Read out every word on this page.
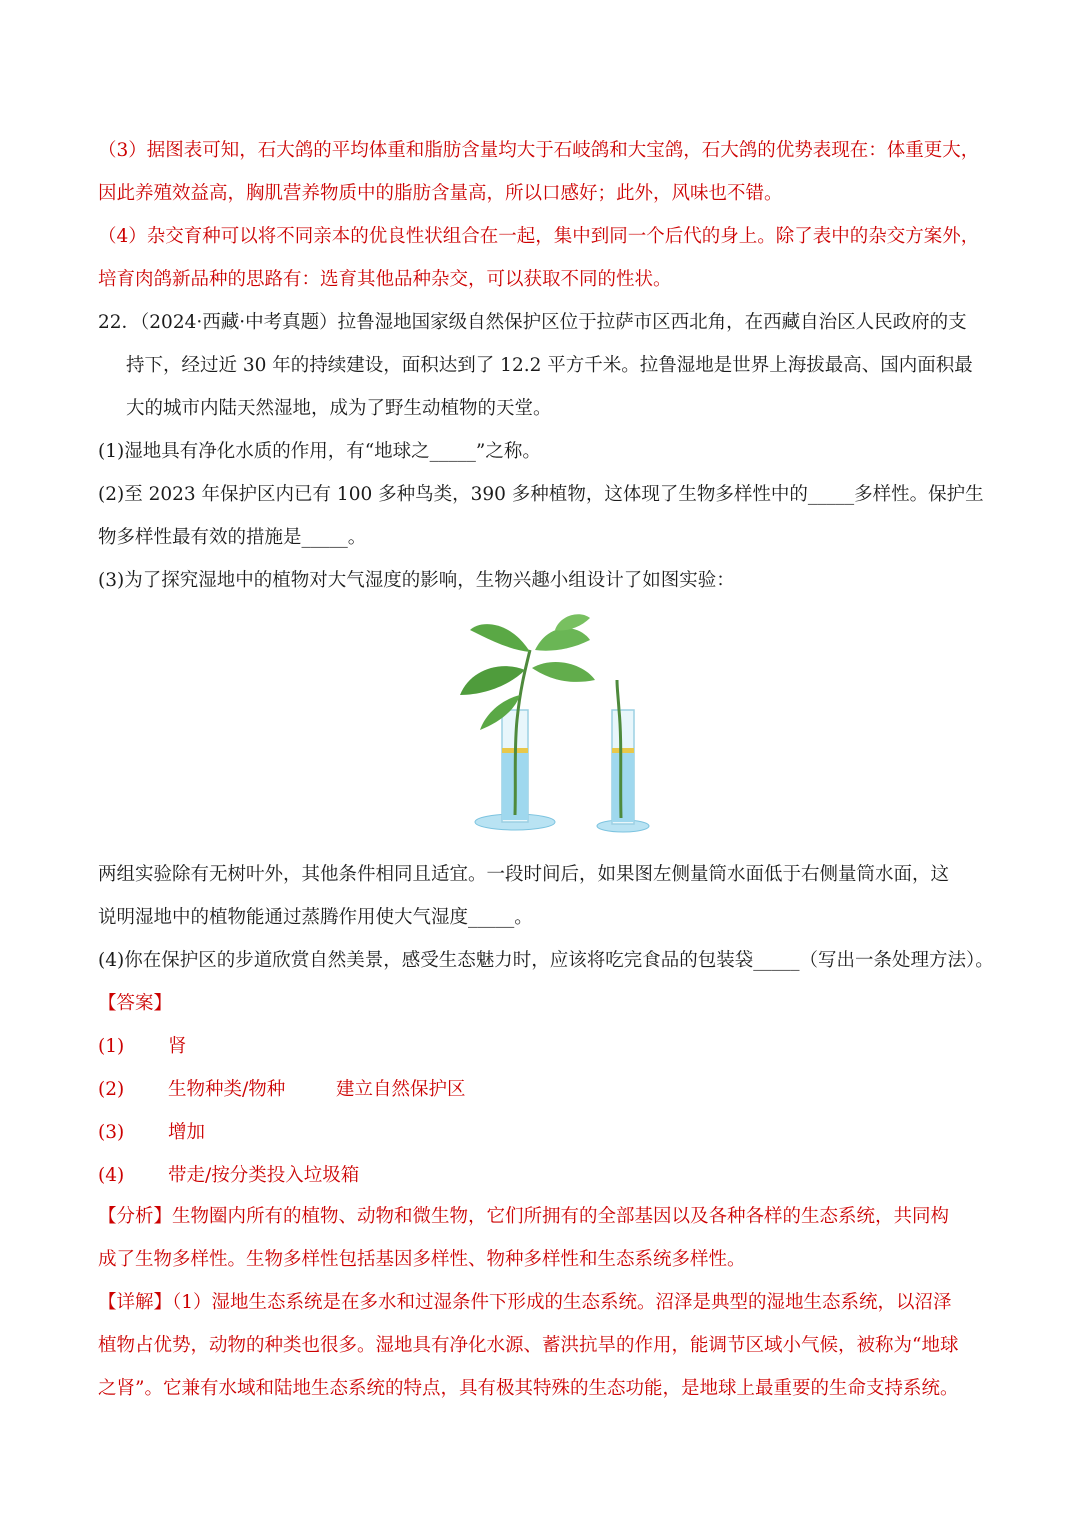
（3）据图表可知，石大鸽的平均体重和脂肪含量均大于石岐鸽和大宝鸽，石大鸽的优势表现在：体重更大，
因此养殖效益高，胸肌营养物质中的脂肪含量高，所以口感好；此外，风味也不错。
（4）杂交育种可以将不同亲本的优良性状组合在一起，集中到同一个后代的身上。除了表中的杂交方案外，
培育肉鸽新品种的思路有：选育其他品种杂交，可以获取不同的性状。
22．（2024·西藏·中考真题）拉鲁湿地国家级自然保护区位于拉萨市区西北角，在西藏自治区人民政府的支
持下，经过近 30 年的持续建设，面积达到了 12.2 平方千米。拉鲁湿地是世界上海拔最高、国内面积最
大的城市内陆天然湿地，成为了野生动植物的天堂。
(1)湿地具有净化水质的作用，有“地球之_____”之称。
(2)至 2023 年保护区内已有 100 多种鸟类，390 多种植物，这体现了生物多样性中的_____多样性。保护生
物多样性最有效的措施是_____。
(3)为了探究湿地中的植物对大气湿度的影响，生物兴趣小组设计了如图实验：
两组实验除有无树叶外，其他条件相同且适宜。一段时间后，如果图左侧量筒水面低于右侧量筒水面，这
说明湿地中的植物能通过蒸腾作用使大气湿度_____。
(4)你在保护区的步道欣赏自然美景，感受生态魅力时，应该将吃完食品的包装袋_____（写出一条处理方法）。
【答案】
(1) 肾
(2) 生物种类/物种	建立自然保护区
(3) 增加
(4) 带走/按分类投入垃圾箱
【分析】生物圈内所有的植物、动物和微生物，它们所拥有的全部基因以及各种各样的生态系统，共同构
成了生物多样性。生物多样性包括基因多样性、物种多样性和生态系统多样性。
【详解】（1）湿地生态系统是在多水和过湿条件下形成的生态系统。沼泽是典型的湿地生态系统，以沼泽
植物占优势，动物的种类也很多。湿地具有净化水源、蓄洪抗旱的作用，能调节区域小气候，被称为“地球
之肾”。它兼有水域和陆地生态系统的特点，具有极其特殊的生态功能，是地球上最重要的生命支持系统。
